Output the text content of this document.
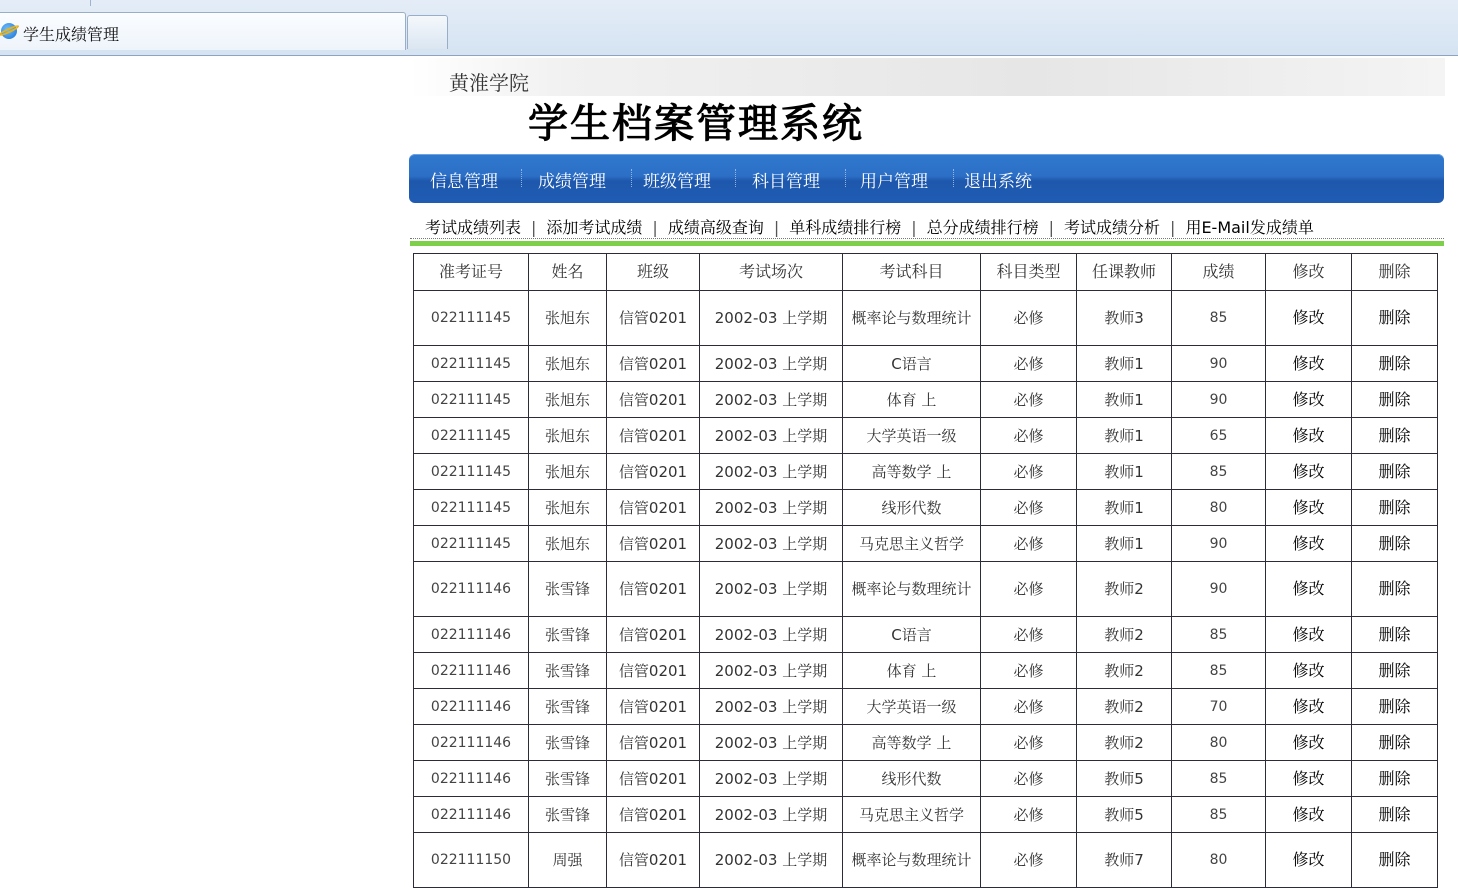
学生成绩管理
黄淮学院
学生档案管理系统
信息管理 成绩管理 班级管理 科目管理 用户管理 退出系统
考试成绩列表 | 添加考试成绩 | 成绩高级查询 | 单科成绩排行榜 | 总分成绩排行榜 | 考试成绩分析 | 用E-Mail发成绩单
准考证号	姓名	班级	考试场次	考试科目	科目类型	任课教师	成绩	修改	删除
022111145	张旭东	信管0201	2002-03 上学期	概率论与数理统计	必修	教师3	85	修改	删除
022111145	张旭东	信管0201	2002-03 上学期	C语言	必修	教师1	90	修改	删除
022111145	张旭东	信管0201	2002-03 上学期	体育 上	必修	教师1	90	修改	删除
022111145	张旭东	信管0201	2002-03 上学期	大学英语一级	必修	教师1	65	修改	删除
022111145	张旭东	信管0201	2002-03 上学期	高等数学 上	必修	教师1	85	修改	删除
022111145	张旭东	信管0201	2002-03 上学期	线形代数	必修	教师1	80	修改	删除
022111145	张旭东	信管0201	2002-03 上学期	马克思主义哲学	必修	教师1	90	修改	删除
022111146	张雪锋	信管0201	2002-03 上学期	概率论与数理统计	必修	教师2	90	修改	删除
022111146	张雪锋	信管0201	2002-03 上学期	C语言	必修	教师2	85	修改	删除
022111146	张雪锋	信管0201	2002-03 上学期	体育 上	必修	教师2	85	修改	删除
022111146	张雪锋	信管0201	2002-03 上学期	大学英语一级	必修	教师2	70	修改	删除
022111146	张雪锋	信管0201	2002-03 上学期	高等数学 上	必修	教师2	80	修改	删除
022111146	张雪锋	信管0201	2002-03 上学期	线形代数	必修	教师5	85	修改	删除
022111146	张雪锋	信管0201	2002-03 上学期	马克思主义哲学	必修	教师5	85	修改	删除
022111150	周强	信管0201	2002-03 上学期	概率论与数理统计	必修	教师7	80	修改	删除
